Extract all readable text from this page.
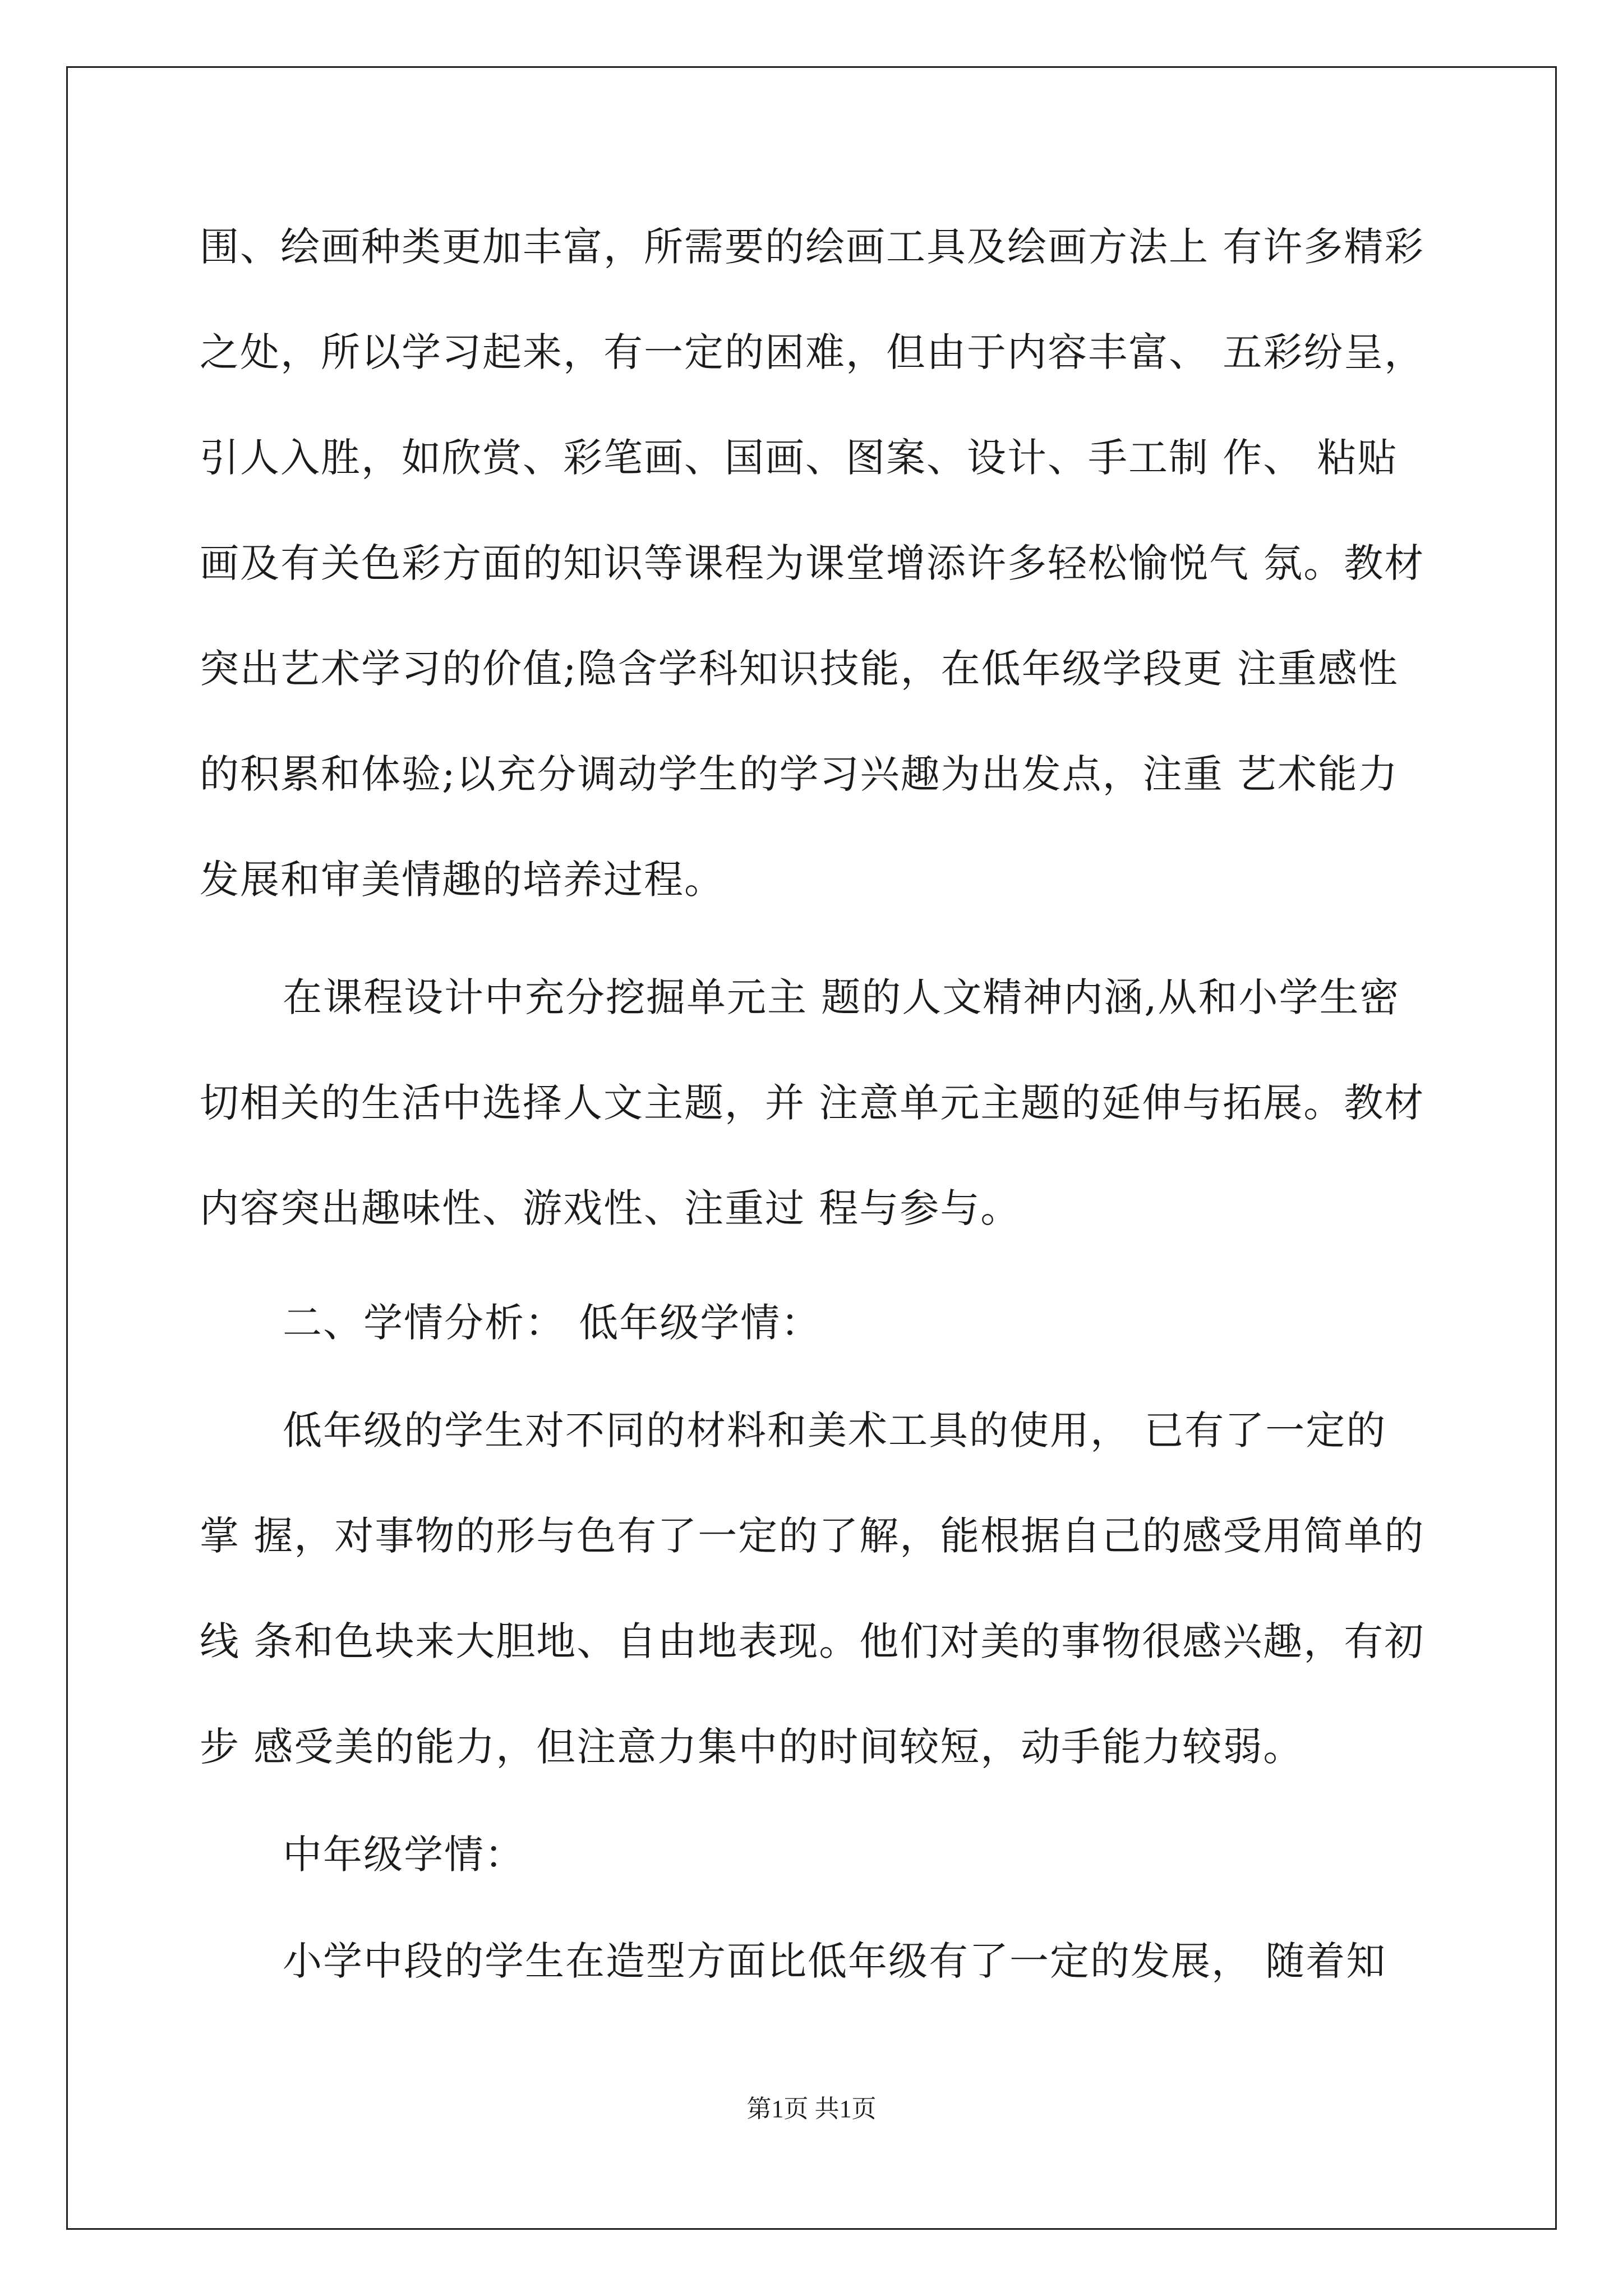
围、绘画种类更加丰富，所需要的绘画工具及绘画方法上 有许多精彩
之处，所以学习起来，有一定的困难，但由于内容丰富、 五彩纷呈，
引人入胜，如欣赏、彩笔画、国画、图案、设计、手工制 作、 粘贴
画及有关色彩方面的知识等课程为课堂增添许多轻松愉悦气 氛。教材
突出艺术学习的价值;隐含学科知识技能，在低年级学段更 注重感性
的积累和体验;以充分调动学生的学习兴趣为出发点，注重 艺术能力
发展和审美情趣的培养过程。
在课程设计中充分挖掘单元主 题的人文精神内涵,从和小学生密
切相关的生活中选择人文主题，并 注意单元主题的延伸与拓展。教材
内容突出趣味性、游戏性、注重过 程与参与。
二、学情分析： 低年级学情：
低年级的学生对不同的材料和美术工具的使用， 已有了一定的
掌 握，对事物的形与色有了一定的了解，能根据自己的感受用简单的
线 条和色块来大胆地、自由地表现。他们对美的事物很感兴趣，有初
步 感受美的能力，但注意力集中的时间较短，动手能力较弱。
中年级学情：
小学中段的学生在造型方面比低年级有了一定的发展， 随着知
第1页 共1页
